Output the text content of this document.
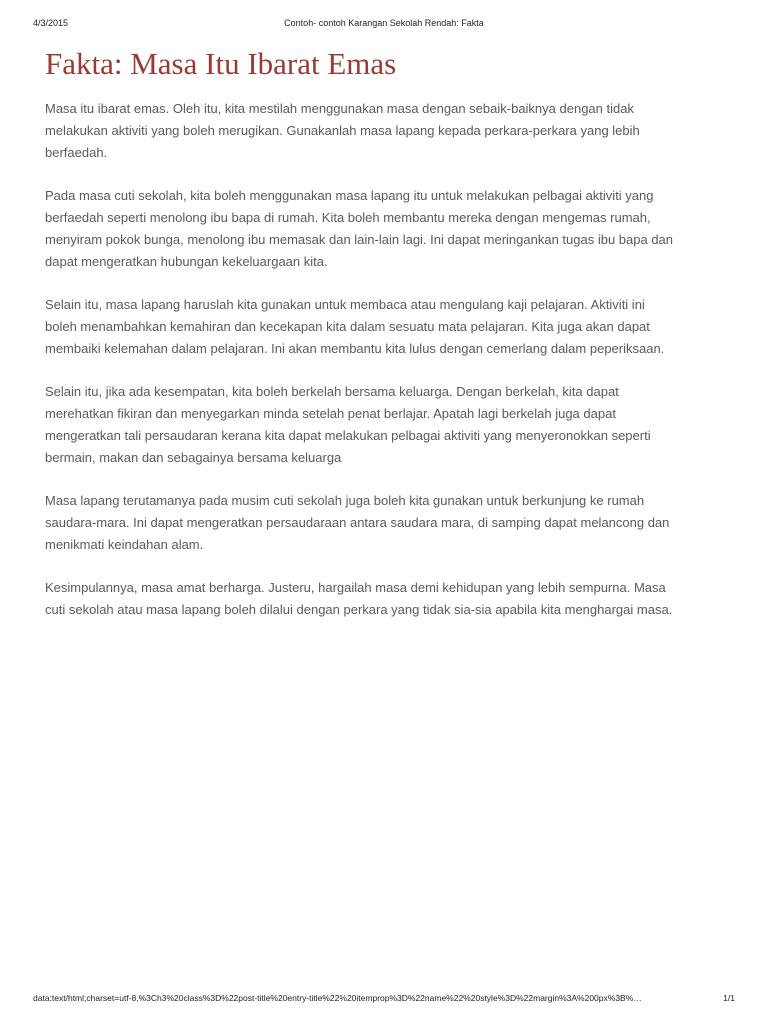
4/3/2015	Contoh- contoh Karangan Sekolah Rendah: Fakta
Fakta: Masa Itu Ibarat Emas

Masa itu ibarat emas. Oleh itu, kita mestilah menggunakan masa dengan sebaik-baiknya dengan tidak melakukan aktiviti yang boleh merugikan. Gunakanlah masa lapang kepada perkara-perkara yang lebih berfaedah.

Pada masa cuti sekolah, kita boleh menggunakan masa lapang itu untuk melakukan pelbagai aktiviti yang berfaedah seperti menolong ibu bapa di rumah. Kita boleh membantu mereka dengan mengemas rumah, menyiram pokok bunga, menolong ibu memasak dan lain-lain lagi. Ini dapat meringankan tugas ibu bapa dan dapat mengeratkan hubungan kekeluargaan kita.

Selain itu, masa lapang haruslah kita gunakan untuk membaca atau mengulang kaji pelajaran. Aktiviti ini boleh menambahkan kemahiran dan kecekapan kita dalam sesuatu mata pelajaran. Kita juga akan dapat membaiki kelemahan dalam pelajaran. Ini akan membantu kita lulus dengan cemerlang dalam peperiksaan.

Selain itu, jika ada kesempatan, kita boleh berkelah bersama keluarga. Dengan berkelah, kita dapat merehatkan fikiran dan menyegarkan minda setelah penat berlajar. Apatah lagi berkelah juga dapat mengeratkan tali persaudaran kerana kita dapat melakukan pelbagai aktiviti yang menyeronokkan seperti bermain, makan dan sebagainya bersama keluarga

Masa lapang terutamanya pada musim cuti sekolah juga boleh kita gunakan untuk berkunjung ke rumah saudara-mara. Ini dapat mengeratkan persaudaraan antara saudara mara, di samping dapat melancong dan menikmati keindahan alam.

Kesimpulannya, masa amat berharga. Justeru, hargailah masa demi kehidupan yang lebih sempurna. Masa cuti sekolah atau masa lapang boleh dilalui dengan perkara yang tidak sia-sia apabila kita menghargai masa.

data:text/html;charset=utf-8,%3Ch3%20class%3D%22post-title%20entry-title%22%20itemprop%3D%22name%22%20style%3D%22margin%3A%200px%3B%…	1/1
